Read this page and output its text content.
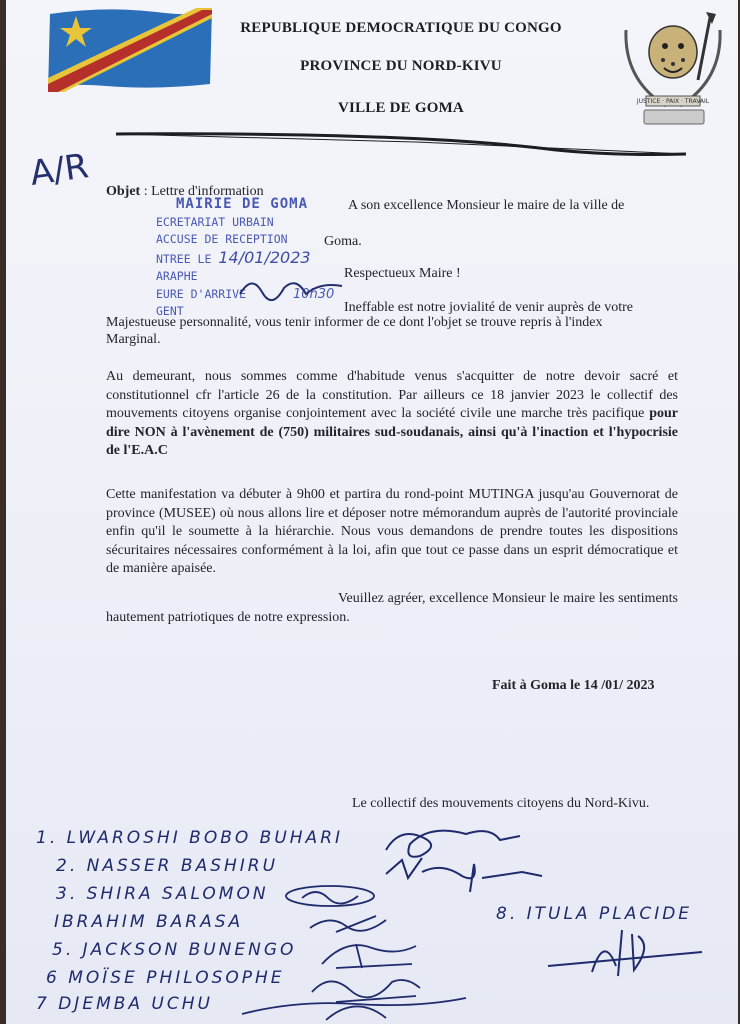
REPUBLIQUE DEMOCRATIQUE DU CONGO
PROVINCE DU NORD-KIVU
VILLE DE GOMA	JUSTICE · PAIX · TRAVAIL
A/R Objet : Lettre d'information
A son excellence Monsieur le maire de la ville de
Goma.
MAIRIE DE GOMA
ECRETARIAT URBAIN
ACCUSE DE RECEPTION
NTREE LE 14/01/2023
ARAPHE
EURE D'ARRIVE	10h30
GENT
Respectueux Maire !
Ineffable est notre jovialité de venir auprès de votre
Majestueuse personnalité, vous tenir informer de ce dont l'objet se trouve repris à l'index
Marginal.
Au demeurant, nous sommes comme d'habitude venus s'acquitter de notre devoir sacré et constitutionnel cfr l'article 26 de la constitution. Par ailleurs ce 18 janvier 2023 le collectif des mouvements citoyens organise conjointement avec la société civile une marche très pacifique pour dire NON à l'avènement de (750) militaires sud-soudanais, ainsi qu'à l'inaction et l'hypocrisie de l'E.A.C
Cette manifestation va débuter à 9h00 et partira du rond-point MUTINGA jusqu'au Gouvernorat de province (MUSEE) où nous allons lire et déposer notre mémorandum auprès de l'autorité provinciale enfin qu'il le soumette à la hiérarchie. Nous vous demandons de prendre toutes les dispositions sécuritaires nécessaires conformément à la loi, afin que tout ce passe dans un esprit démocratique et de manière apaisée.
Veuillez agréer, excellence Monsieur le maire les sentiments hautement patriotiques de notre expression.
Fait à Goma le 14 /01/ 2023
Le collectif des mouvements citoyens du Nord-Kivu.
1. LWAROSHI BOBO BUHARI
2. NASSER BASHIRU
3. SHIRA SALOMON
IBRAHIM BARASA
5. JACKSON BUNENGO
6 MOÏSE PHILOSOPHE
7 DJEMBA UCHU
8. ITULA PLACIDE
